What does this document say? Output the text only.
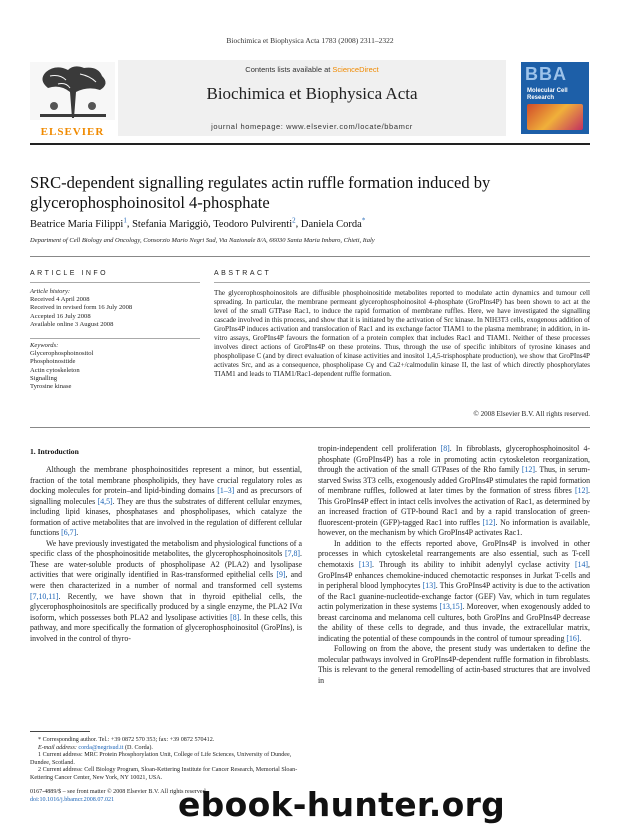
Biochimica et Biophysica Acta 1783 (2008) 2311–2322
ELSEVIER
Contents lists available at ScienceDirect
Biochimica et Biophysica Acta
journal homepage: www.elsevier.com/locate/bbamcr
BBA
Molecular Cell
Research
SRC-dependent signalling regulates actin ruffle formation induced by
glycerophosphoinositol 4-phosphate
Beatrice Maria Filippi$^1$, Stefania Mariggiò, Teodoro Pulvirenti$^2$, Daniela Corda*
Department of Cell Biology and Oncology, Consorzio Mario Negri Sud, Via Nazionale 8/A, 66030 Santa Maria Imbaro, Chieti, Italy
ARTICLE INFO	ABSTRACT
Article history:
Received 4 April 2008
Received in revised form 16 July 2008
Accepted 16 July 2008
Available online 3 August 2008
Keywords:
Glycerophosphoinositol
Phosphoinositide
Actin cytoskeleton
Signalling
Tyrosine kinase
The glycerophosphoinositols are diffusible phosphoinositide metabolites reported to modulate actin dynamics and tumour cell spreading. In particular, the membrane permeant glycerophosphoinositol 4-phosphate (GroPIns4P) has been shown to act at the level of the small GTPase Rac1, to induce the rapid formation of membrane ruffles. Here, we have investigated the signalling cascade involved in this process, and show that it is initiated by the activation of Src kinase. In NIH3T3 cells, exogenous addition of GroPIns4P induces activation and translocation of Rac1 and its exchange factor TIAM1 to the plasma membrane; in addition, in in-vitro assays, GroPIns4P favours the formation of a protein complex that includes Rac1 and TIAM1. Neither of these processes involves direct actions of GroPIns4P on these proteins. Thus, through the use of specific inhibitors of tyrosine kinases and phospholipase C (and by direct evaluation of kinase activities and inositol 1,4,5-trisphosphate production), we show that GroPIns4P activates Src, and as a consequence, phospholipase Cγ and Ca2+/calmodulin kinase II, the last of which directly phosphorylates TIAM1 and leads to TIAM1/Rac1-dependent ruffle formation.
© 2008 Elsevier B.V. All rights reserved.
1. Introduction

Although the membrane phosphoinositides represent a minor, but essential, fraction of the total membrane phospholipids, they have crucial regulatory roles as docking molecules for protein–and lipid-binding domains [1–3] and as precursors of signalling molecules [4,5]. They are thus the substrates of different cellular enzymes, including lipid kinases, phosphatases and phospholipases, which catalyze the formation of active metabolites that are involved in the regulation of different cellular functions [6,7].

We have previously investigated the metabolism and physiological functions of a specific class of the phosphoinositide metabolites, the glycerophosphoinositols [7,8]. These are water-soluble products of phospholipase A2 (PLA2) and lysolipase activities that were originally identified in Ras-transformed epithelial cells [9], and were then characterized in a number of normal and transformed cell systems [7,10,11]. Recently, we have shown that in thyroid epithelial cells, the glycerophosphoinositols are specifically produced by a single enzyme, the PLA2 IVα isoform, which possesses both PLA2 and lysolipase activities [8]. In these cells, this pathway, and more specifically the formation of glycerophosphoinositol (GroPIns), is involved in the control of thyro-

tropin-independent cell proliferation [8]. In fibroblasts, glycerophosphoinositol 4-phosphate (GroPIns4P) has a role in promoting actin cytoskeleton reorganization, through the activation of the small GTPases of the Rho family [12]. Thus, in serum-starved Swiss 3T3 cells, exogenously added GroPIns4P stimulates the rapid formation of membrane ruffles, followed at later times by the formation of stress fibres [12]. This GroPIns4P effect in intact cells involves the activation of Rac1, as determined by an increased fraction of GTP-bound Rac1 and by a rapid translocation of green-fluorescent-protein (GFP)-tagged Rac1 into ruffles [12]. No information is available, however, on the mechanism by which GroPIns4P activates Rac1.

In addition to the effects reported above, GroPIns4P is involved in other processes in which cytoskeletal rearrangements are also essential, such as T-cell chemotaxis [13]. Through its ability to inhibit adenylyl cyclase activity [14], GroPIns4P enhances chemokine-induced chemotactic responses in Jurkat T-cells and in peripheral blood lymphocytes [13]. This GroPIns4P activity is due to the activation of the Rac1 guanine-nucleotide-exchange factor (GEF) Vav, which in turn regulates actin polymerization in these systems [13,15]. Moreover, when exogenously added to breast carcinoma and melanoma cell cultures, both GroPIns and GroPIns4P decrease the ability of these cells to degrade, and thus invade, the extracellular matrix, indicating the potential of these compounds in the control of tumour spreading [16].

Following on from the above, the present study was undertaken to define the molecular pathways involved in GroPIns4P-dependent ruffle formation in fibroblasts. This is relevant to the general remodelling of actin-based structures that are involved in

* Corresponding author. Tel.: +39 0872 570 353; fax: +39 0872 570412.
E-mail address: corda@negrisud.it (D. Corda).
1 Current address: MRC Protein Phosphorylation Unit, College of Life Sciences, University of Dundee, Dundee, Scotland.
2 Current address: Cell Biology Program, Sloan-Kettering Institute for Cancer Research, Memorial Sloan-Kettering Cancer Center, New York, NY 10021, USA.
0167-4889/$ – see front matter © 2008 Elsevier B.V. All rights reserved.
doi:10.1016/j.bbamcr.2008.07.021	ebook-hunter.org
